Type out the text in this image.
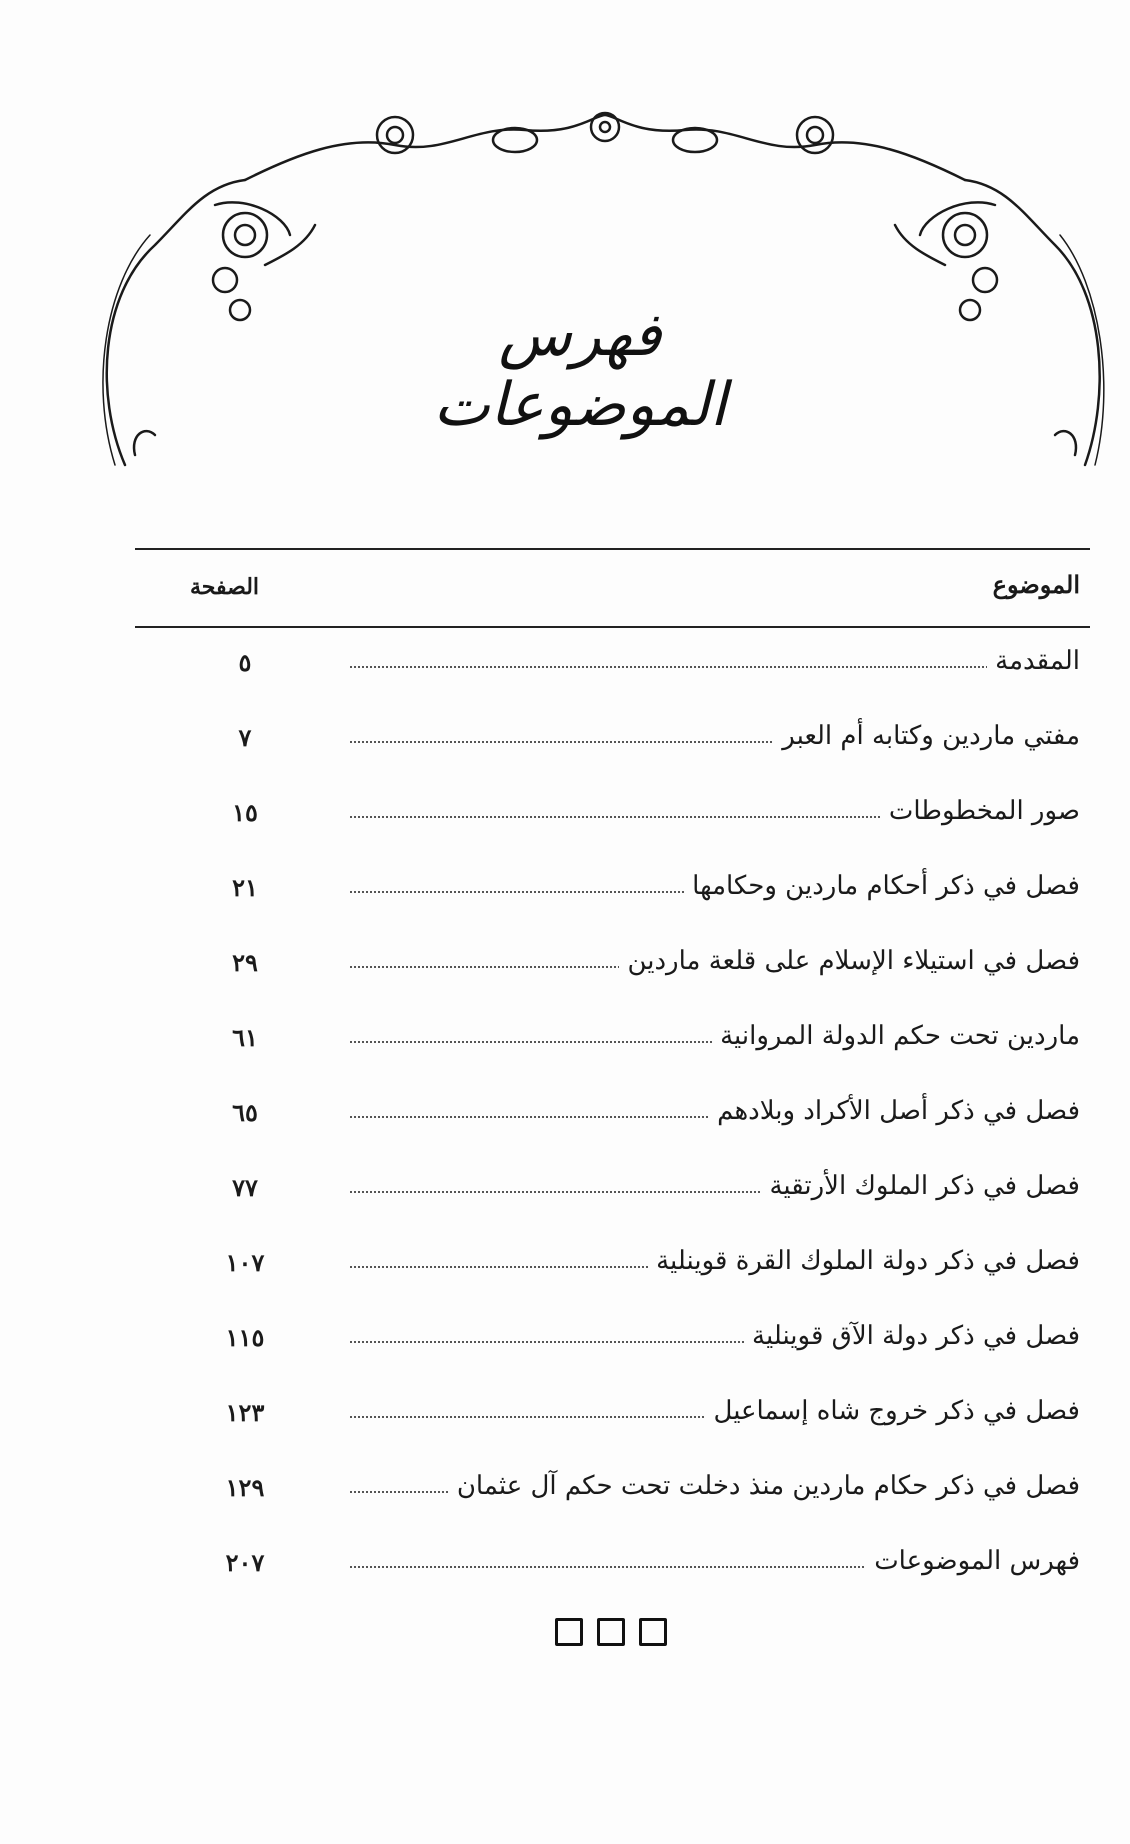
فهرس الموضوعات
الموضوع
الصفحة
المقدمة
٥
مفتي ماردين وكتابه أم العبر
٧
صور المخطوطات
١٥
فصل في ذكر أحكام ماردين وحكامها
٢١
فصل في استيلاء الإسلام على قلعة ماردين
٢٩
ماردين تحت حكم الدولة المروانية
٦١
فصل في ذكر أصل الأكراد وبلادهم
٦٥
فصل في ذكر الملوك الأرتقية
٧٧
فصل في ذكر دولة الملوك القرة قوينلية
١٠٧
فصل في ذكر دولة الآق قوينلية
١١٥
فصل في ذكر خروج شاه إسماعيل
١٢٣
فصل في ذكر حكام ماردين منذ دخلت تحت حكم آل عثمان
١٢٩
فهرس الموضوعات
٢٠٧
